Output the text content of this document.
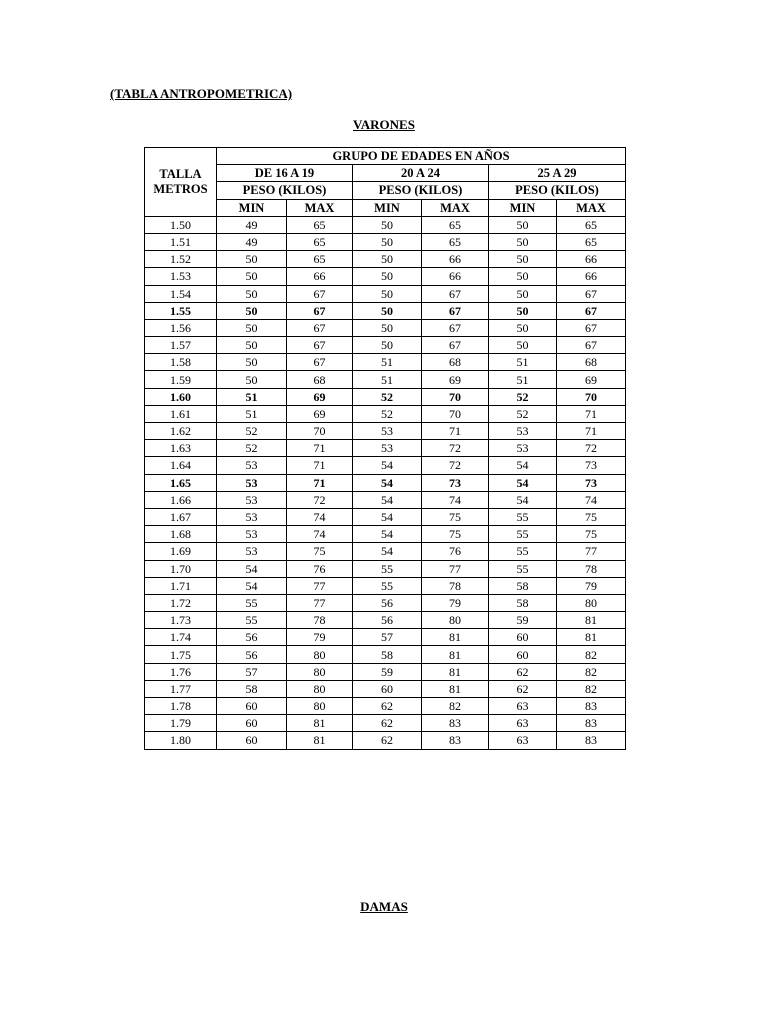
(TABLA ANTROPOMETRICA)
VARONES
TALLA
METROS	GRUPO DE EDADES EN AÑOS					
	DE 16 A 19		20 A 24		25 A 29	
	PESO (KILOS)		PESO (KILOS)		PESO (KILOS)	
	MIN	MAX	MIN	MAX	MIN	MAX
1.50	49	65	50	65	50	65
1.51	49	65	50	65	50	65
1.52	50	65	50	66	50	66
1.53	50	66	50	66	50	66
1.54	50	67	50	67	50	67
1.55	50	67	50	67	50	67
1.56	50	67	50	67	50	67
1.57	50	67	50	67	50	67
1.58	50	67	51	68	51	68
1.59	50	68	51	69	51	69
1.60	51	69	52	70	52	70
1.61	51	69	52	70	52	71
1.62	52	70	53	71	53	71
1.63	52	71	53	72	53	72
1.64	53	71	54	72	54	73
1.65	53	71	54	73	54	73
1.66	53	72	54	74	54	74
1.67	53	74	54	75	55	75
1.68	53	74	54	75	55	75
1.69	53	75	54	76	55	77
1.70	54	76	55	77	55	78
1.71	54	77	55	78	58	79
1.72	55	77	56	79	58	80
1.73	55	78	56	80	59	81
1.74	56	79	57	81	60	81
1.75	56	80	58	81	60	82
1.76	57	80	59	81	62	82
1.77	58	80	60	81	62	82
1.78	60	80	62	82	63	83
1.79	60	81	62	83	63	83
1.80	60	81	62	83	63	83
DAMAS
